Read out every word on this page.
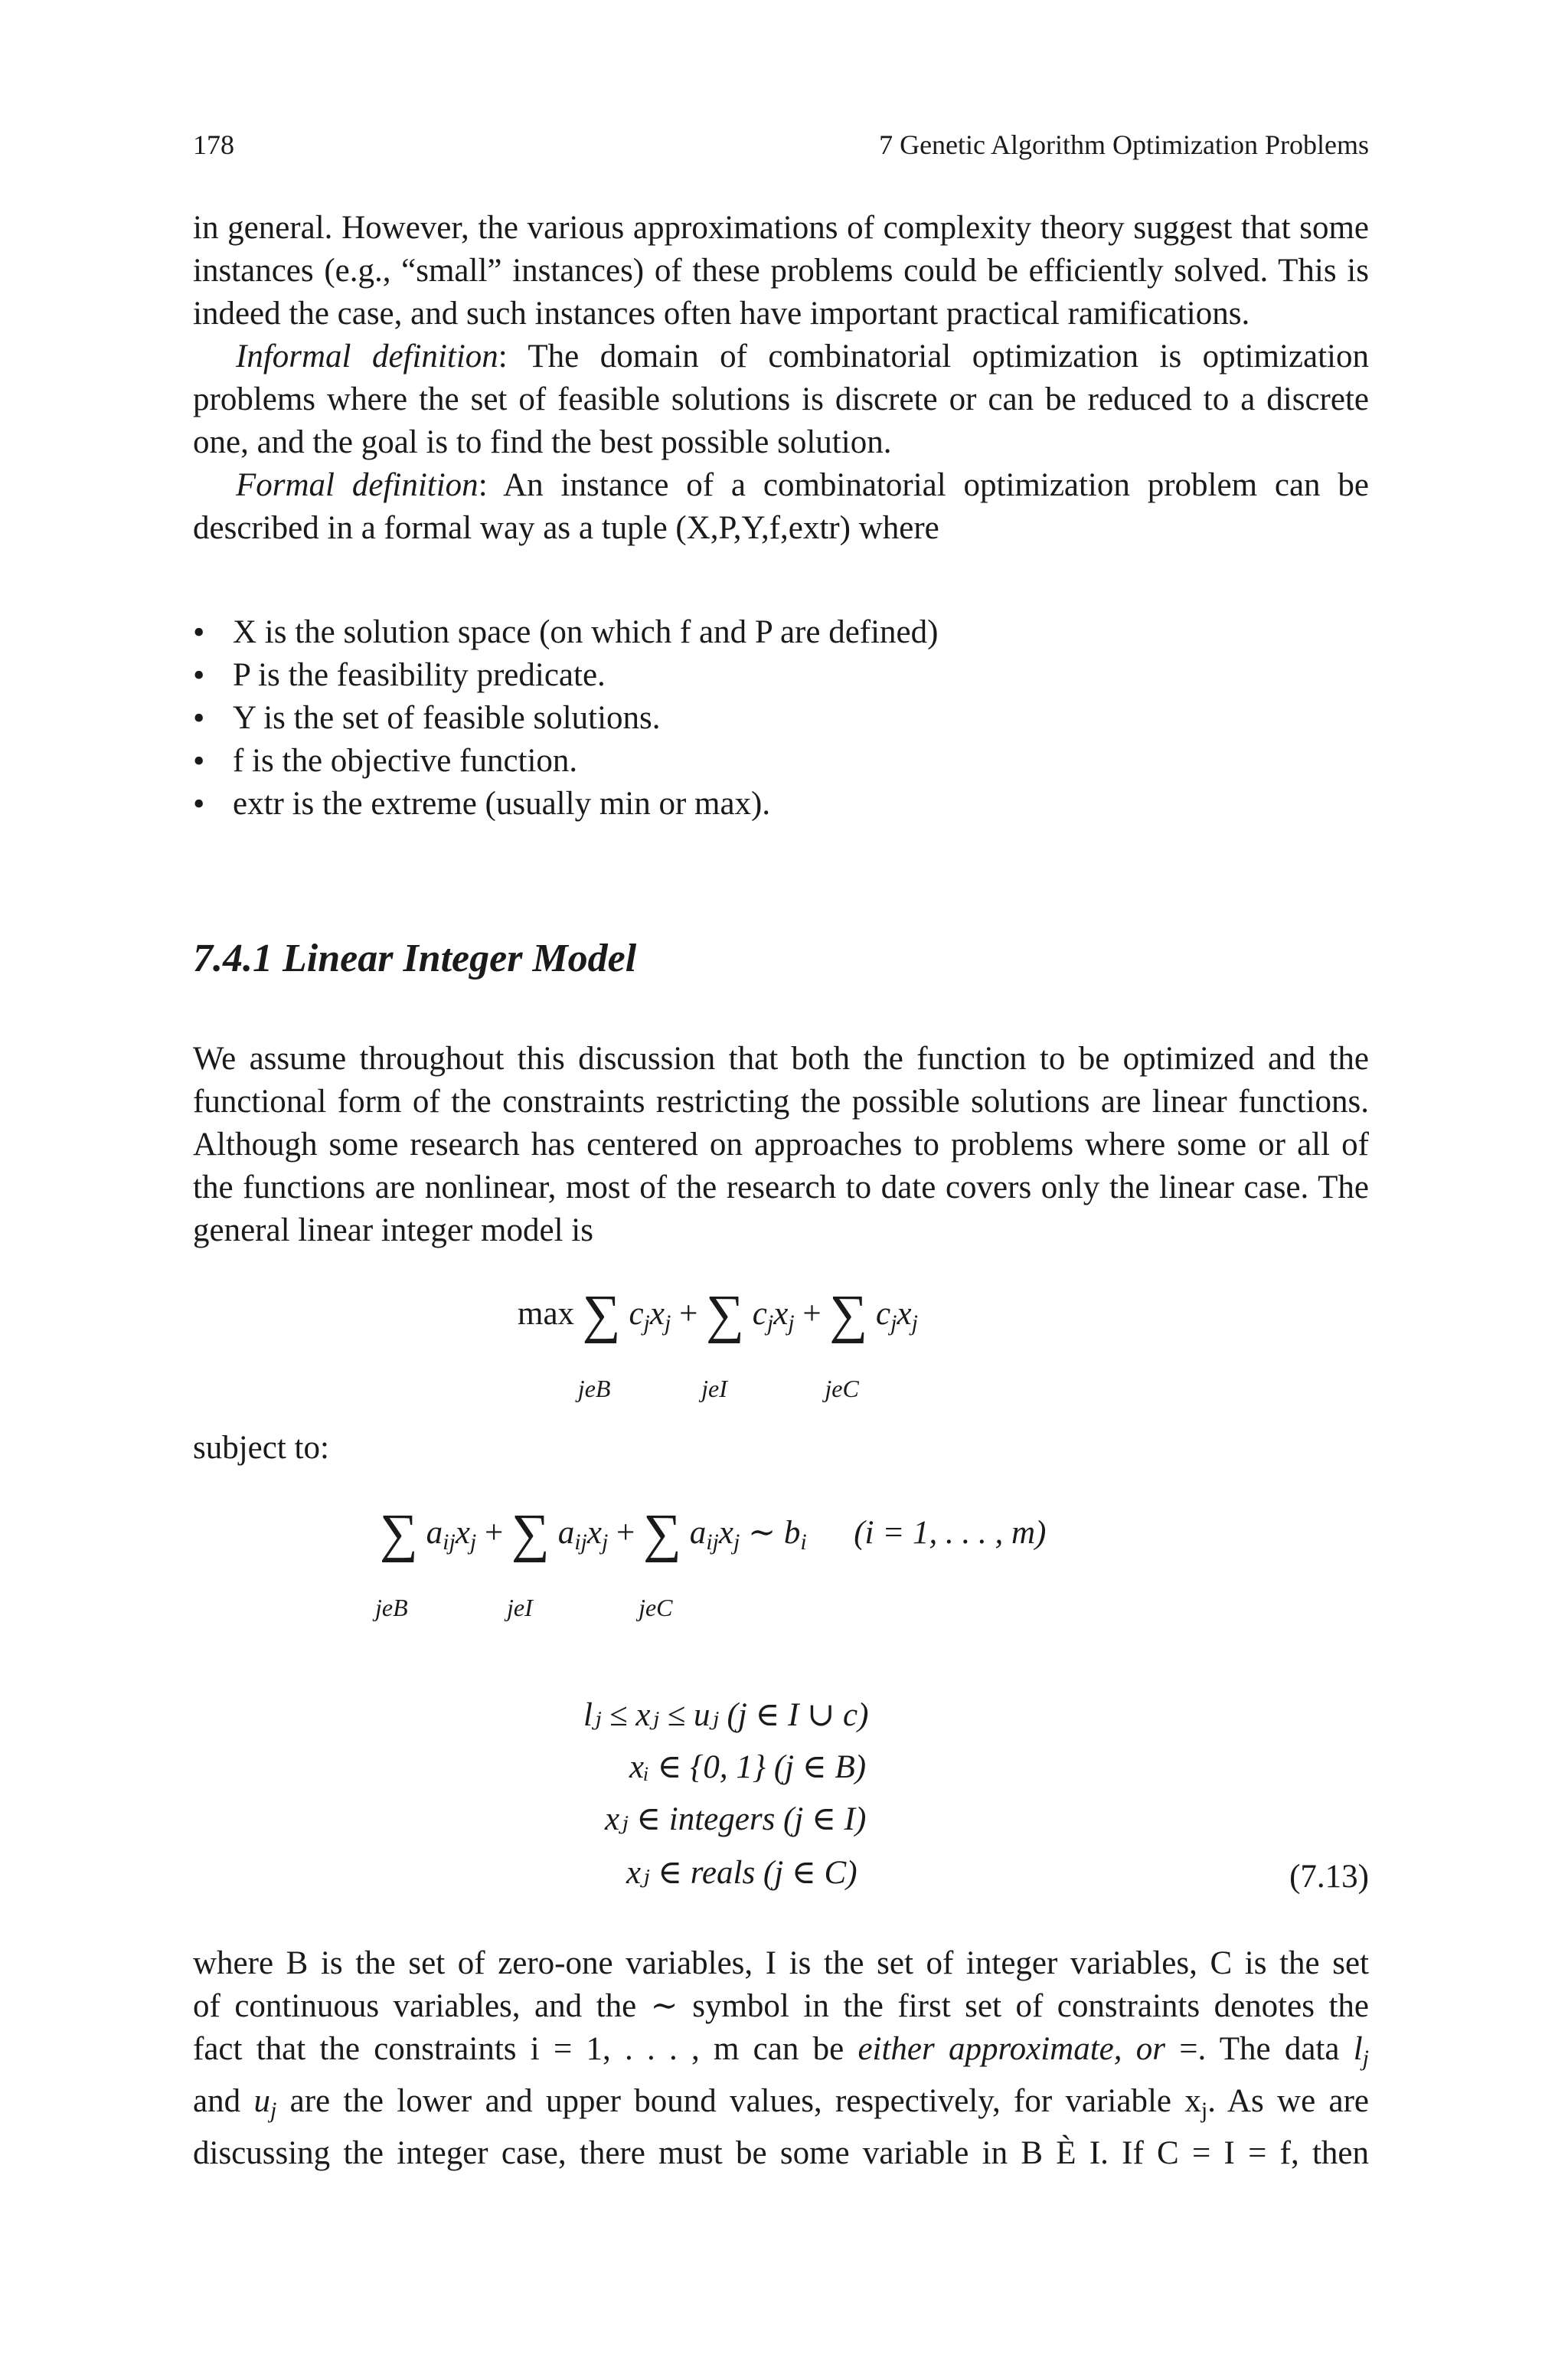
178	7 Genetic Algorithm Optimization Problems

in general. However, the various approximations of complexity theory suggest that some instances (e.g., “small” instances) of these problems could be efficiently solved. This is indeed the case, and such instances often have important practical ramifications.

Informal definition: The domain of combinatorial optimization is optimization problems where the set of feasible solutions is discrete or can be reduced to a discrete one, and the goal is to find the best possible solution.

Formal definition: An instance of a combinatorial optimization problem can be described in a formal way as a tuple (X,P,Y,f,extr) where

• X is the solution space (on which f and P are defined)
• P is the feasibility predicate.
• Y is the set of feasible solutions.
• f is the objective function.
• extr is the extreme (usually min or max).
7.4.1 Linear Integer Model

We assume throughout this discussion that both the function to be optimized and the functional form of the constraints restricting the possible solutions are linear functions. Although some research has centered on approaches to problems where some or all of the functions are nonlinear, most of the research to date covers only the linear case. The general linear integer model is

max ∑
jeB
$c_jx_j$ + ∑
jeI
$c_jx_j$ + ∑
jeC
$c_jx_j$
subject to:
∑
jeB
$a_{ij}x_j$ + ∑
jeI
$a_{ij}x_j$ + ∑
jeC
$a_{ij}x_j$ ∼ $b_i$ (i = 1, . . . , m)
lⱼ ≤ xⱼ ≤ uⱼ (j ∈ I ∪ c)
xᵢ ∈ {0, 1} (j ∈ B)
xⱼ ∈ integers (j ∈ I)
xⱼ ∈ reals (j ∈ C)	(7.13)

where B is the set of zero-one variables, I is the set of integer variables, C is the set

of continuous variables, and the ∼ symbol in the first set of constraints denotes the

fact that the constraints i = 1, . . . , m can be either approximate, or =. The data $l_j$

and $u_j$ are the lower and upper bound values, respectively, for variable $x_j$. As we are

discussing the integer case, there must be some variable in B È I. If C = I = f, then
